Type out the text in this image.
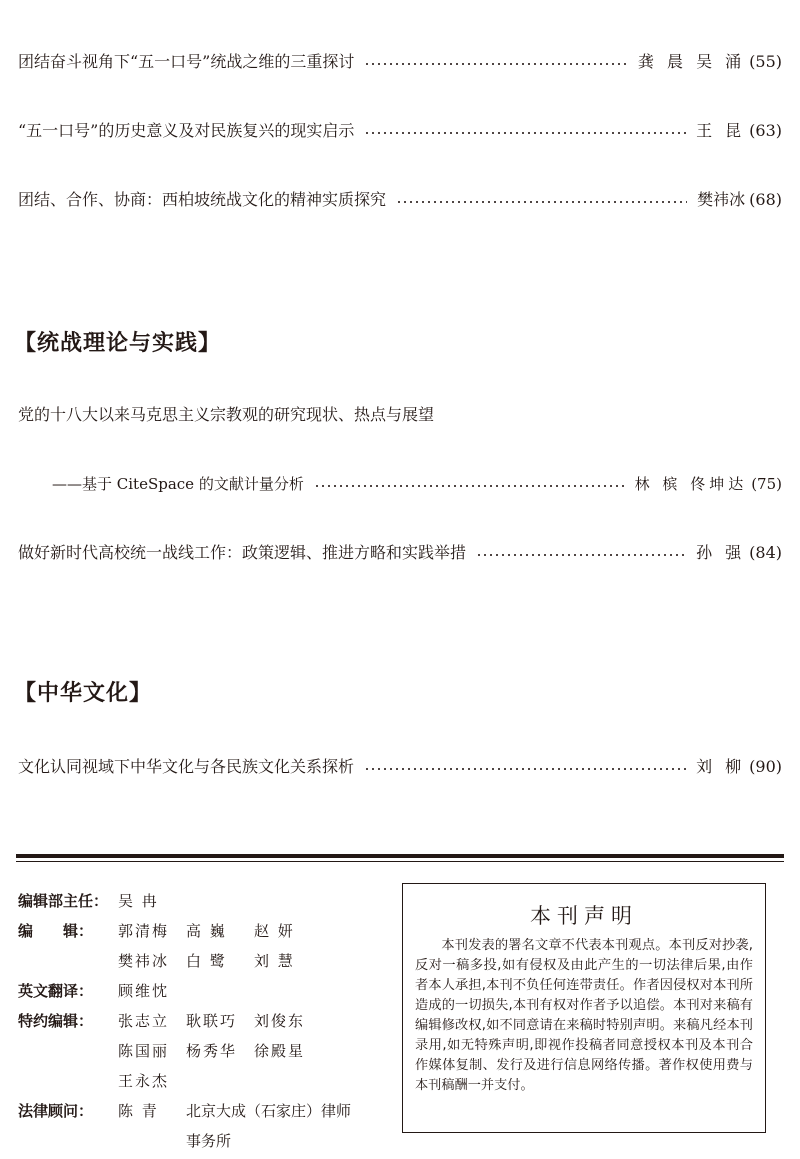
团结奋斗视角下“五一口号”统战之维的三重探讨	龚 晨 吴 涌 (55)
“五一口号”的历史意义及对民族复兴的现实启示	王 昆 (63)
团结、合作、协商：西柏坡统战文化的精神实质探究	樊祎冰 (68)
【统战理论与实践】
党的十八大以来马克思主义宗教观的研究现状、热点与展望
——基于 CiteSpace 的文献计量分析	林 槟 佟坤达 (75)
做好新时代高校统一战线工作：政策逻辑、推进方略和实践举措	孙 强 (84)
【中华文化】
文化认同视域下中华文化与各民族文化关系探析	刘 柳 (90)
编辑部主任： 吴 冉
编　　辑：	郭清梅	高 巍	赵 妍
樊祎冰	白 鹭	刘 慧
英文翻译：	顾维忱
特约编辑：	张志立	耿联巧	刘俊东
陈国丽	杨秀华	徐殿星
王永杰
法律顾问：	陈 青	北京大成（石家庄）律师
事务所
本刊声明
本刊发表的署名文章不代表本刊观点。本刊反对抄袭,反对一稿多投,如有侵权及由此产生的一切法律后果,由作者本人承担,本刊不负任何连带责任。作者因侵权对本刊所造成的一切损失,本刊有权对作者予以追偿。本刊对来稿有编辑修改权,如不同意请在来稿时特别声明。来稿凡经本刊录用,如无特殊声明,即视作投稿者同意授权本刊及本刊合作媒体复制、发行及进行信息网络传播。著作权使用费与本刊稿酬一并支付。
